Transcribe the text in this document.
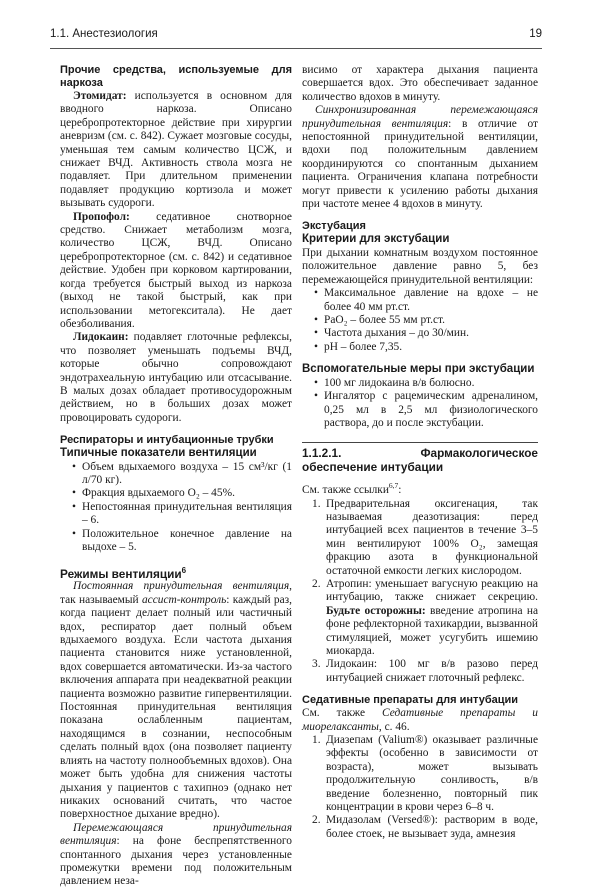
1.1. Анестезиология	19

Прочие средства, используемые для наркоза

Этомидат: используется в основном для вводного наркоза. Описано церебропротекторное действие при хирургии аневризм (см. с. 842). Сужает мозговые сосуды, уменьшая тем самым количество ЦСЖ, и снижает ВЧД. Активность ствола мозга не подавляет. При длительном применении подавляет продукцию кортизола и может вызывать судороги.

Пропофол: седативное снотворное средство. Снижает метаболизм мозга, количество ЦСЖ, ВЧД. Описано церебропротекторное (см. с. 842) и седативное действие. Удобен при корковом картировании, когда требуется быстрый выход из наркоза (выход не такой быстрый, как при использовании метогекситала). Не дает обезболивания.

Лидокаин: подавляет глоточные рефлексы, что позволяет уменьшать подъемы ВЧД, которые обычно сопровождают эндотрахеальную интубацию или отсасывание. В малых дозах обладает противосудорожным действием, но в больших дозах может провоцировать судороги.

Респираторы и интубационные трубки

Типичные показатели вентиляции

• Объем вдыхаемого воздуха – 15 см³/кг (1 л/70 кг).
• Фракция вдыхаемого O₂ – 45%.
• Непостоянная принудительная вентиляция – 6.
• Положительное конечное давление на выдохе – 5.

Режимы вентиляции$^6$

Постоянная принудительная вентиляция, так называемый ассист-контроль: каждый раз, когда пациент делает полный или частичный вдох, респиратор дает полный объем вдыхаемого воздуха. Если частота дыхания пациента становится ниже установленной, вдох совершается автоматически. Из-за частого включения аппарата при неадекватной реакции пациента возможно развитие гипервентиляции. Постоянная принудительная вентиляция показана ослабленным пациентам, находящимся в сознании, неспособным сделать полный вдох (она позволяет пациенту влиять на частоту полнообъемных вдохов). Она может быть удобна для снижения частоты дыхания у пациентов с тахипноэ (однако нет никаких оснований считать, что частое поверхностное дыхание вредно).

Перемежающаяся принудительная вентиляция: на фоне беспрепятственного спонтанного дыхания через установленные промежутки времени под положительным давлением неза-

висимо от характера дыхания пациента совершается вдох. Это обеспечивает заданное количество вдохов в минуту.

Синхронизированная перемежающаяся принудительная вентиляция: в отличие от непостоянной принудительной вентиляции, вдохи под положительным давлением координируются со спонтанным дыханием пациента. Ограничения клапана потребности могут привести к усилению работы дыхания при частоте менее 4 вдохов в минуту.

Экстубация

Критерии для экстубации

При дыхании комнатным воздухом постоянное положительное давление равно 5, без перемежающейся принудительной вентиляции:

• Максимальное давление на вдохе – не более 40 мм рт.ст.
• PaO₂ – более 55 мм рт.ст.
• Частота дыхания – до 30/мин.
• pH – более 7,35.

Вспомогательные меры при экстубации

• 100 мг лидокаина в/в болюсно.
• Ингалятор с рацемическим адреналином, 0,25 мл в 2,5 мл физиологического раствора, до и после экстубации.

1.1.2.1. Фармакологическое обеспечение интубации

См. также ссылки$^{6,7}$:

1. Предварительная оксигенация, так называемая деазотизация: перед интубацией всех пациентов в течение 3–5 мин вентилируют 100% O₂, замещая фракцию азота в функциональной остаточной емкости легких кислородом.
2. Атропин: уменьшает вагусную реакцию на интубацию, также снижает секрецию. Будьте осторожны: введение атропина на фоне рефлекторной тахикардии, вызванной стимуляцией, может усугубить ишемию миокарда.
3. Лидокаин: 100 мг в/в разово перед интубацией снижает глоточный рефлекс.

Седативные препараты для интубации

См. также Седативные препараты и миорелаксанты, с. 46.

1. Диазепам (Valium®) оказывает различные эффекты (особенно в зависимости от возраста), может вызывать продолжительную сонливость, в/в введение болезненно, повторный пик концентрации в крови через 6–8 ч.
2. Мидазолам (Versed®): растворим в воде, более стоек, не вызывает зуда, амнезия
